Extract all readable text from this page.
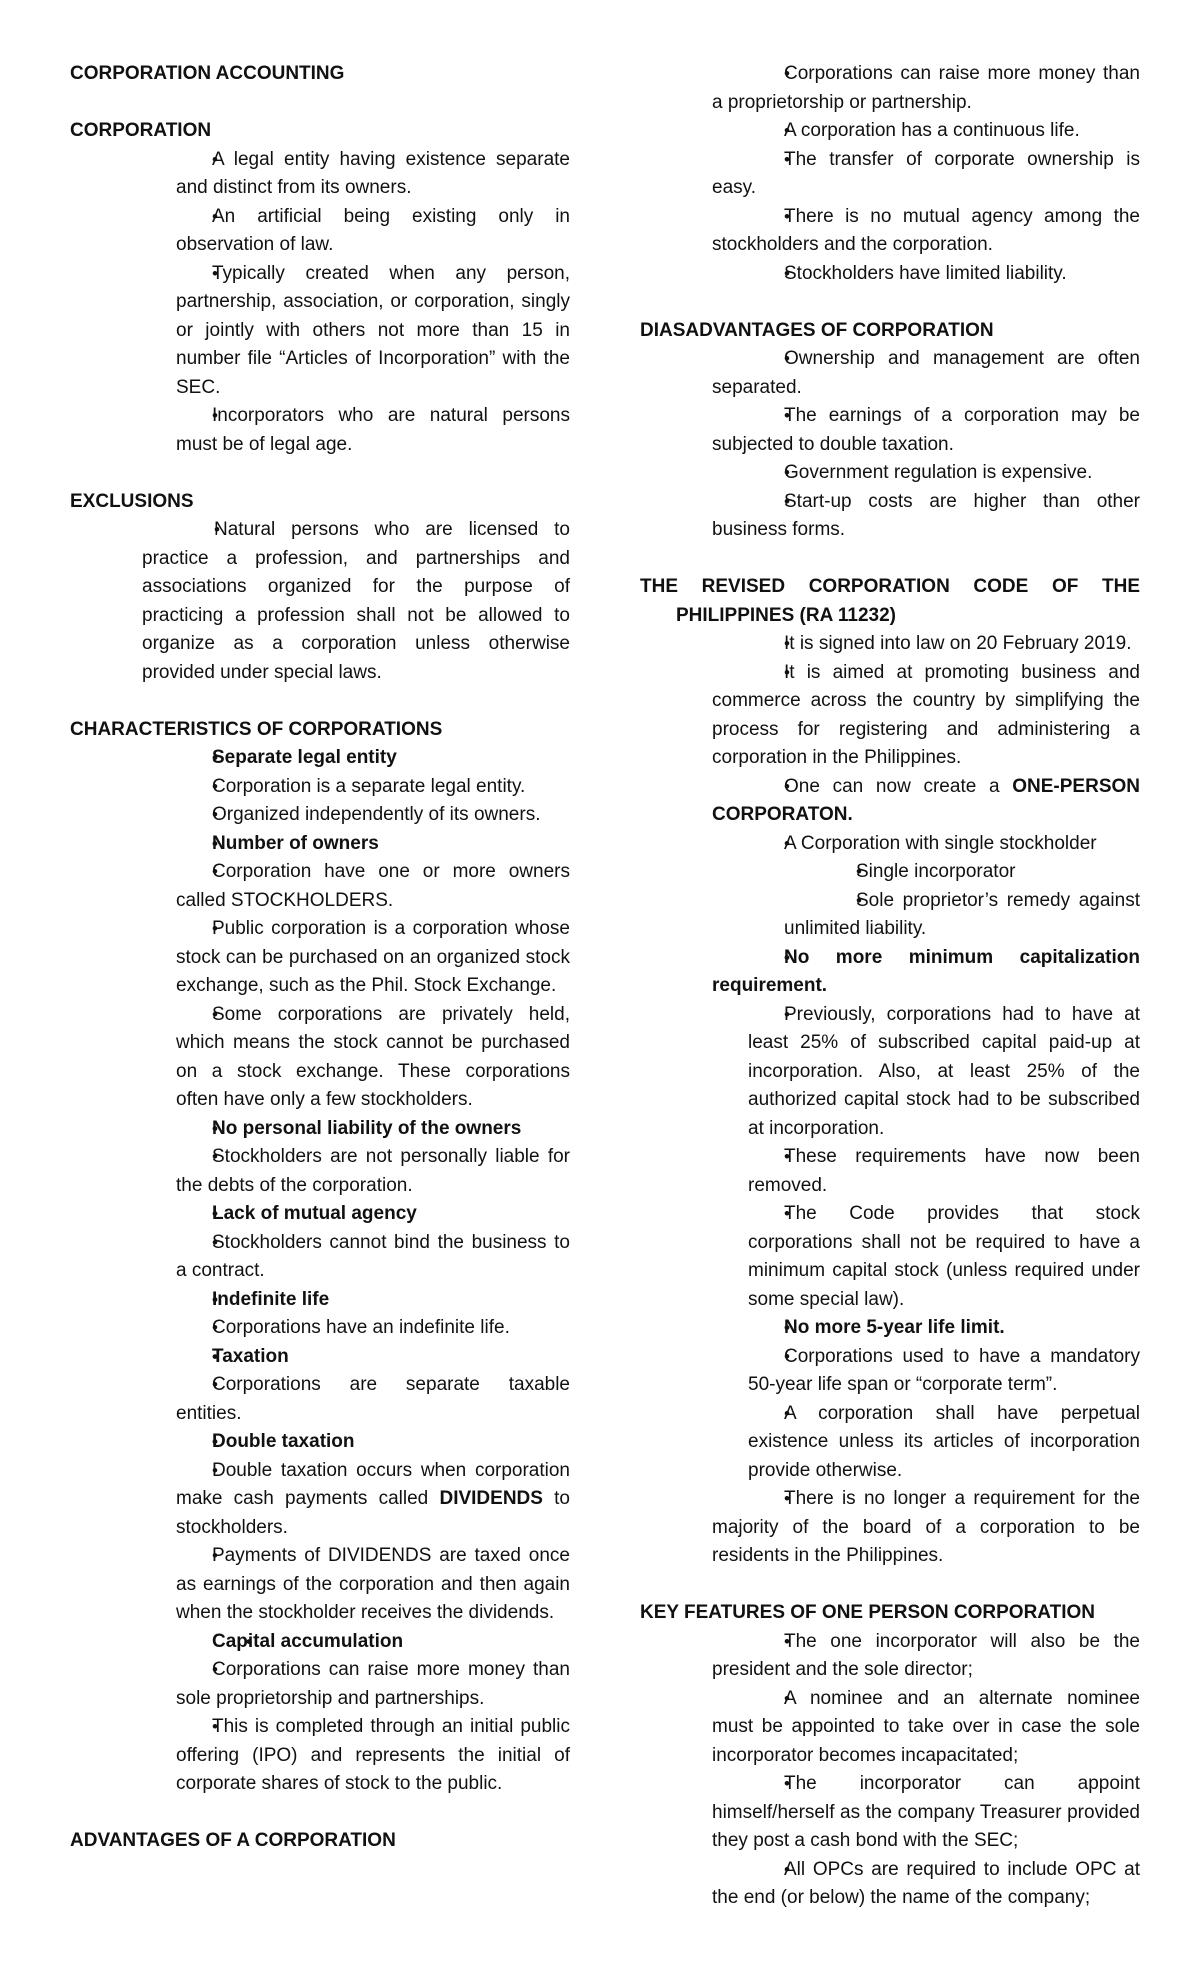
CORPORATION ACCOUNTING
CORPORATION
• A legal entity having existence separate and distinct from its owners.
• An artificial being existing only in observation of law.
• Typically created when any person, partnership, association, or corporation, singly or jointly with others not more than 15 in number file “Articles of Incorporation” with the SEC.
• Incorporators who are natural persons must be of legal age.
EXCLUSIONS
• Natural persons who are licensed to practice a profession, and partnerships and associations organized for the purpose of practicing a profession shall not be allowed to organize as a corporation unless otherwise provided under special laws.
CHARACTERISTICS OF CORPORATIONS
• Separate legal entity
• Corporation is a separate legal entity.
• Organized independently of its owners.
• Number of owners
• Corporation have one or more owners called STOCKHOLDERS.
• Public corporation is a corporation whose stock can be purchased on an organized stock exchange, such as the Phil. Stock Exchange.
• Some corporations are privately held, which means the stock cannot be purchased on a stock exchange. These corporations often have only a few stockholders.
• No personal liability of the owners
• Stockholders are not personally liable for the debts of the corporation.
• Lack of mutual agency
• Stockholders cannot bind the business to a contract.
• Indefinite life
• Corporations have an indefinite life.
• Taxation
• Corporations are separate taxable entities.
• Double taxation
• Double taxation occurs when corporation make cash payments called DIVIDENDS to stockholders.
• Payments of DIVIDENDS are taxed once as earnings of the corporation and then again when the stockholder receives the dividends.
• Capital accumulation
• Corporations can raise more money than sole proprietorship and partnerships.
• This is completed through an initial public offering (IPO) and represents the initial of corporate shares of stock to the public.
ADVANTAGES OF A CORPORATION
• Corporations can raise more money than a proprietorship or partnership.
• A corporation has a continuous life.
• The transfer of corporate ownership is easy.
• There is no mutual agency among the stockholders and the corporation.
• Stockholders have limited liability.
DIASADVANTAGES OF CORPORATION
• Ownership and management are often separated.
• The earnings of a corporation may be subjected to double taxation.
• Government regulation is expensive.
• Start-up costs are higher than other business forms.
THE REVISED CORPORATION CODE OF THE
PHILIPPINES (RA 11232)
• It is signed into law on 20 February 2019.
• It is aimed at promoting business and commerce across the country by simplifying the process for registering and administering a corporation in the Philippines.
• One can now create a ONE-PERSON CORPORATON.
• A Corporation with single stockholder
• Single incorporator
• Sole proprietor’s remedy against unlimited liability.
• No more minimum capitalization requirement.
• Previously, corporations had to have at least 25% of subscribed capital paid-up at incorporation. Also, at least 25% of the authorized capital stock had to be subscribed at incorporation.
• These requirements have now been removed.
• The Code provides that stock corporations shall not be required to have a minimum capital stock (unless required under some special law).
• No more 5-year life limit.
• Corporations used to have a mandatory 50-year life span or “corporate term”.
• A corporation shall have perpetual existence unless its articles of incorporation provide otherwise.
• There is no longer a requirement for the majority of the board of a corporation to be residents in the Philippines.
KEY FEATURES OF ONE PERSON CORPORATION
• The one incorporator will also be the president and the sole director;
• A nominee and an alternate nominee must be appointed to take over in case the sole incorporator becomes incapacitated;
• The incorporator can appoint himself/herself as the company Treasurer provided they post a cash bond with the SEC;
• All OPCs are required to include OPC at the end (or below) the name of the company;
